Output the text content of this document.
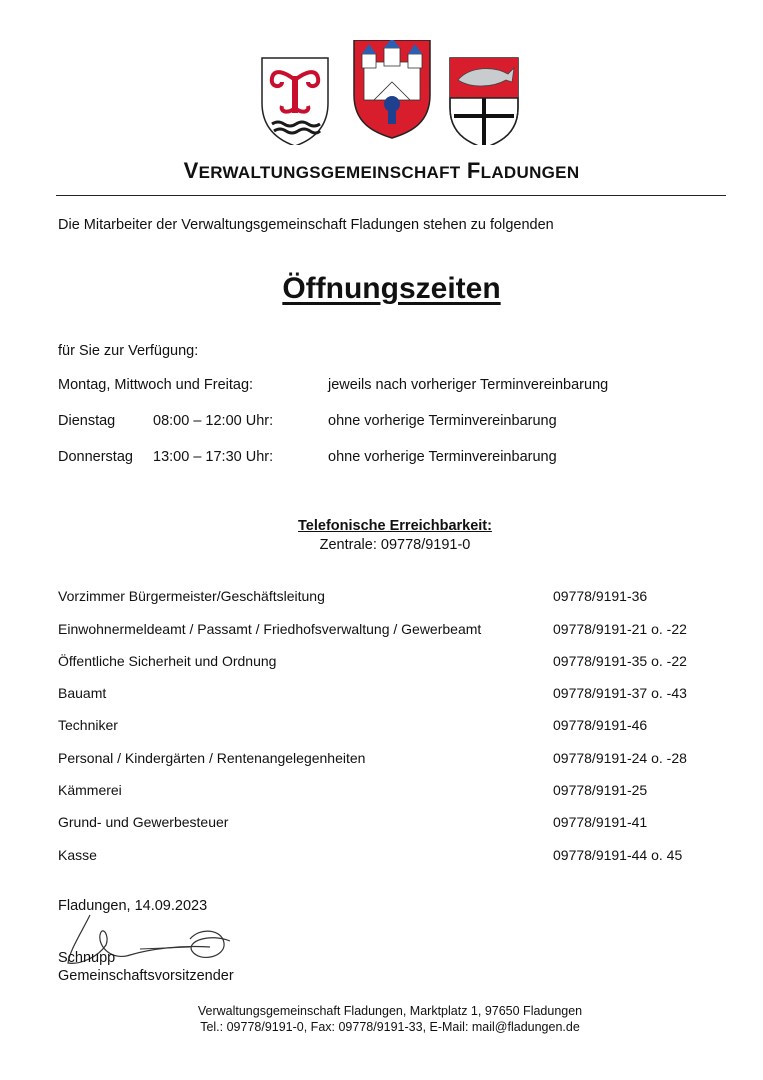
VERWALTUNGSGEMEINSCHAFT FLADUNGEN
Die Mitarbeiter der Verwaltungsgemeinschaft Fladungen stehen zu folgenden
Öffnungszeiten
für Sie zur Verfügung:
Montag, Mittwoch und Freitag:	jeweils nach vorheriger Terminvereinbarung
Dienstag	08:00 – 12:00 Uhr:	ohne vorherige Terminvereinbarung
Donnerstag 13:00 – 17:30 Uhr:	ohne vorherige Terminvereinbarung
Telefonische Erreichbarkeit:
Zentrale: 09778/9191-0
Vorzimmer Bürgermeister/Geschäftsleitung	09778/9191-36
Einwohnermeldeamt / Passamt / Friedhofsverwaltung / Gewerbeamt	09778/9191-21 o. -22
Öffentliche Sicherheit und Ordnung	09778/9191-35 o. -22
Bauamt	09778/9191-37 o. -43
Techniker	09778/9191-46
Personal / Kindergärten / Rentenangelegenheiten	09778/9191-24 o. -28
Kämmerei	09778/9191-25
Grund- und Gewerbesteuer	09778/9191-41
Kasse	09778/9191-44 o. 45
Fladungen, 14.09.2023
Schnupp
Gemeinschaftsvorsitzender
Verwaltungsgemeinschaft Fladungen, Marktplatz 1, 97650 Fladungen
Tel.: 09778/9191-0, Fax: 09778/9191-33, E-Mail: mail@fladungen.de
